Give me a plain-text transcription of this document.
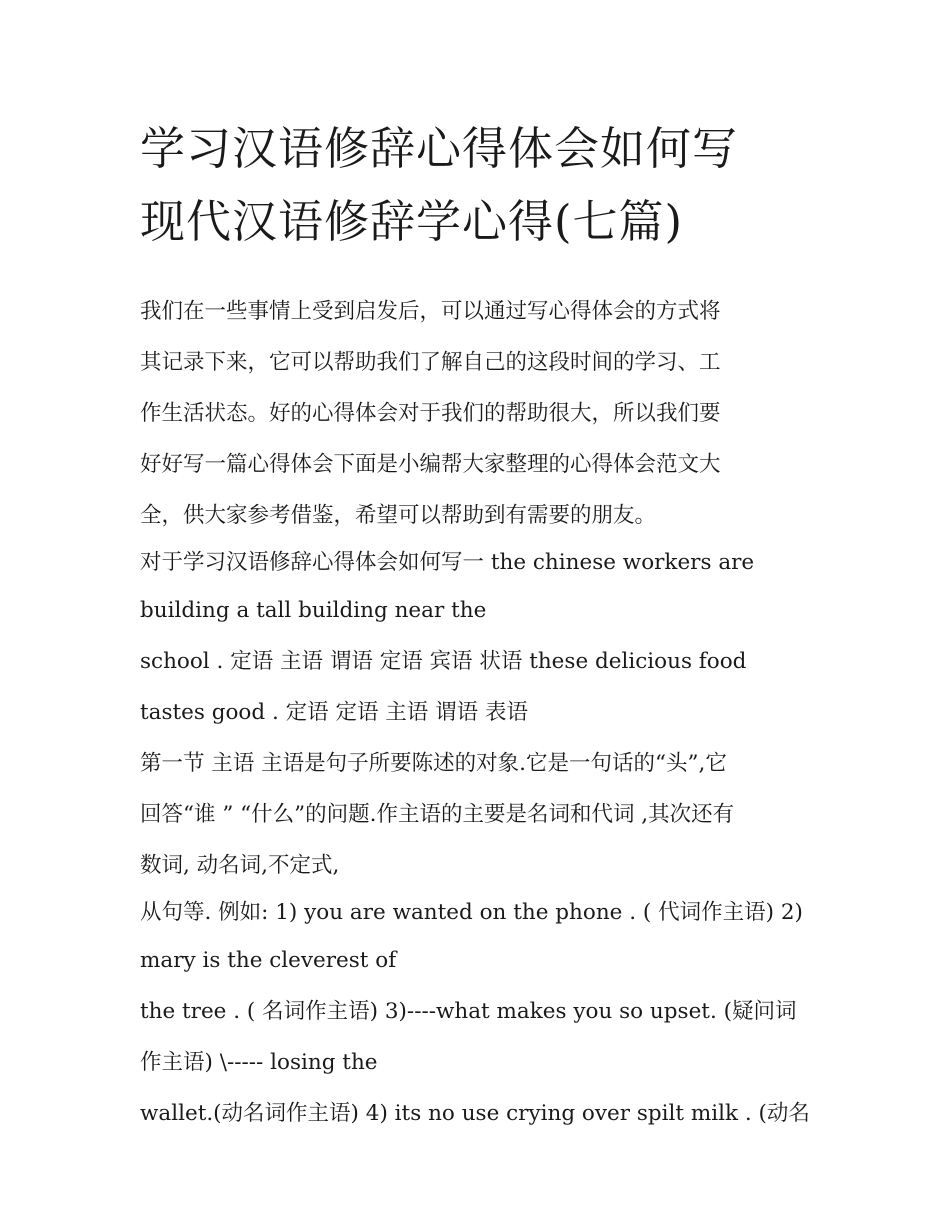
学习汉语修辞心得体会如何写
现代汉语修辞学心得(七篇)
我们在一些事情上受到启发后，可以通过写心得体会的方式将
其记录下来，它可以帮助我们了解自己的这段时间的学习、工
作生活状态。好的心得体会对于我们的帮助很大，所以我们要
好好写一篇心得体会下面是小编帮大家整理的心得体会范文大
全，供大家参考借鉴，希望可以帮助到有需要的朋友。
对于学习汉语修辞心得体会如何写一 the chinese workers are
building a tall building near the
school . 定语 主语 谓语 定语 宾语 状语 these delicious food
tastes good . 定语 定语 主语 谓语 表语
第一节 主语 主语是句子所要陈述的对象.它是一句话的“头”,它
回答“谁 ” “什么”的问题.作主语的主要是名词和代词 ,其次还有
数词, 动名词,不定式,
从句等. 例如: 1) you are wanted on the phone . ( 代词作主语) 2)
mary is the cleverest of
the tree . ( 名词作主语) 3)----what makes you so upset. (疑问词
作主语) \----- losing the
wallet.(动名词作主语) 4) its no use crying over spilt milk . (动名
